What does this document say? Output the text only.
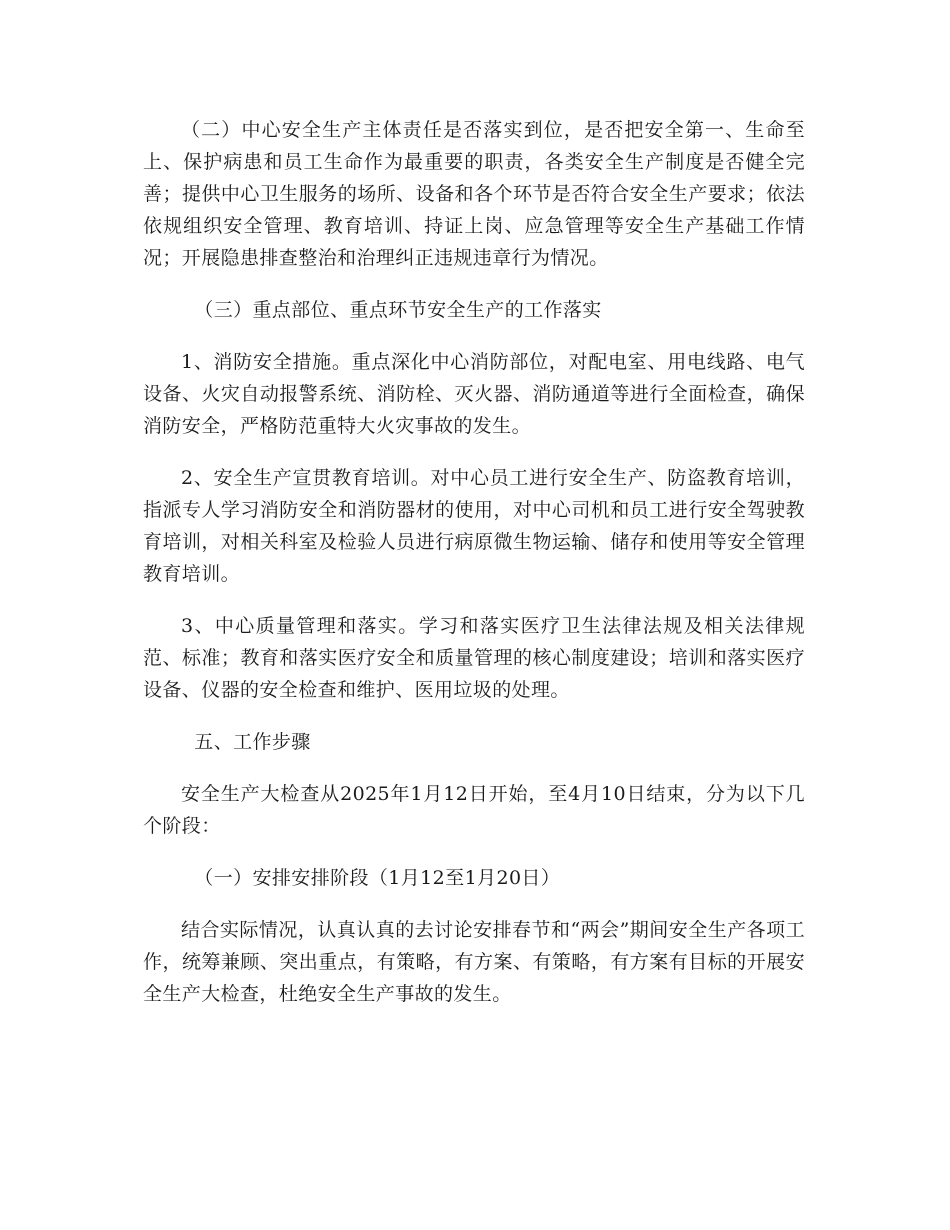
（二）中心安全生产主体责任是否落实到位，是否把安全第一、生命至上、保护病患和员工生命作为最重要的职责，各类安全生产制度是否健全完善；提供中心卫生服务的场所、设备和各个环节是否符合安全生产要求；依法依规组织安全管理、教育培训、持证上岗、应急管理等安全生产基础工作情况；开展隐患排查整治和治理纠正违规违章行为情况。

（三）重点部位、重点环节安全生产的工作落实

1、消防安全措施。重点深化中心消防部位，对配电室、用电线路、电气设备、火灾自动报警系统、消防栓、灭火器、消防通道等进行全面检查，确保消防安全，严格防范重特大火灾事故的发生。

2、安全生产宣贯教育培训。对中心员工进行安全生产、防盗教育培训，指派专人学习消防安全和消防器材的使用，对中心司机和员工进行安全驾驶教育培训，对相关科室及检验人员进行病原微生物运输、储存和使用等安全管理教育培训。

3、中心质量管理和落实。学习和落实医疗卫生法律法规及相关法律规范、标准；教育和落实医疗安全和质量管理的核心制度建设；培训和落实医疗设备、仪器的安全检查和维护、医用垃圾的处理。

五、工作步骤

安全生产大检查从2025年1月12日开始，至4月10日结束，分为以下几个阶段：

（一）安排安排阶段（1月12至1月20日）

结合实际情况，认真认真的去讨论安排春节和“两会”期间安全生产各项工作，统筹兼顾、突出重点，有策略，有方案、有策略，有方案有目标的开展安全生产大检查，杜绝安全生产事故的发生。
